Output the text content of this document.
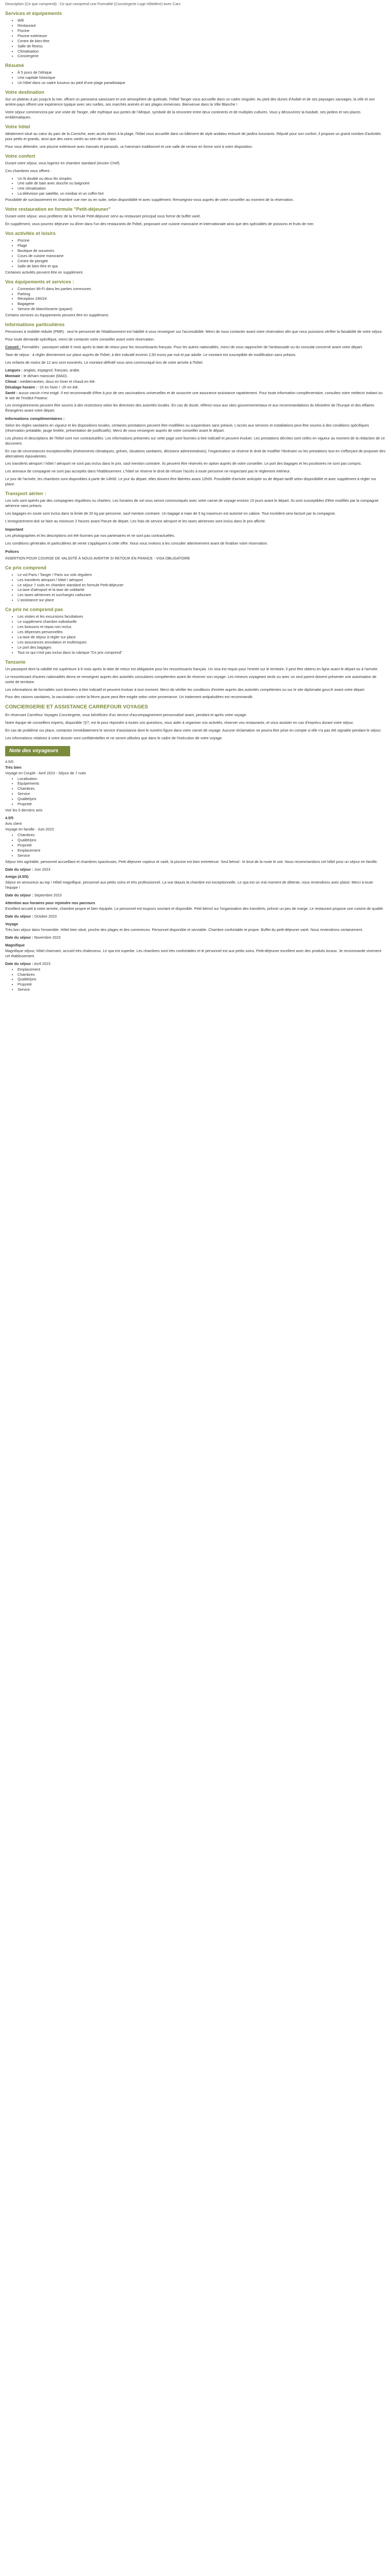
Description (Ce que comprend) : Ce que comprend une Formalité (Conciergerie Loge Hôtelière) Avec Cars

Services et équipements
• Wifi
• Restaurant
• Piscine
• Piscine extérieure
• Centre de bien-être
• Salle de fitness
• Climatisation
• Conciergerie
Résumé
• À 5 jours de l'Afrique
• Une capitale historique
• Un hôtel dans un cadre luxueux au pied d'une plage paradisiaque
Votre destination

Sur un plateau à pic jusqu'à la mer, offrant un panorama saisissant et une atmosphère de quiétude, l'Hôtel Tanger vous accueille dans un cadre singulier. Au pied des dunes d'Asilah et de ses paysages sauvages, la ville et son arrière-pays offrent une expérience typique avec ses ruelles, ses marchés animés et ses plages immenses. Bienvenue dans la Ville Blanche !

Votre séjour commencera par une visite de Tanger, ville mythique aux portes de l'Afrique, symbole de la rencontre entre deux continents et de multiples cultures. Vous y découvrirez la Kasbah, ses jardins et ses places emblématiques.

Votre hôtel

Idéalement situé au cœur du parc de la Corniche, avec accès direct à la plage, l'hôtel vous accueille dans un bâtiment de style andalou entouré de jardins luxuriants. Réputé pour son confort, il propose un grand nombre d'activités pour petits et grands, ainsi que des soins variés au sein de son spa.

Pour vous détendre, une piscine extérieure avec transats et parasols, un hammam traditionnel et une salle de remise en forme sont à votre disposition.

Votre confort

Durant votre séjour, vous logerez en chambre standard (Ancien Chef).

Ces chambres vous offrent :

• Un lit double ou deux lits simples
• Une salle de bain avec douche ou baignoire
• Une climatisation
• La télévision par satellite, un minibar et un coffre-fort

Possibilité de surclassement en chambre vue mer ou en suite, selon disponibilité et avec supplément. Renseignez-vous auprès de votre conseiller au moment de la réservation.

Votre restauration en formule "Petit-déjeuner"

Durant votre séjour, vous profiterez de la formule Petit-déjeuner servi au restaurant principal sous forme de buffet varié.

En supplément, vous pourrez déjeuner ou dîner dans l'un des restaurants de l'hôtel, proposant une cuisine marocaine et internationale ainsi que des spécialités de poissons et fruits de mer.

Vos activités et loisirs
• Piscine
• Plage
• Boutique de souvenirs
• Cours de cuisine marocaine
• Centre de plongée
• Salle de bien-être et spa

Certaines activités peuvent être en supplément.

Vos équipements et services :
• Connexion Wi-Fi dans les parties communes
• Parking
• Réception 24h/24
• Bagagerie
• Service de blanchisserie (payant)

Certains services ou équipements peuvent être en supplément.

Informations particulières

Personnes à mobilité réduite (PMR) : seul le personnel de l'établissement est habilité à vous renseigner sur l'accessibilité. Merci de nous contacter avant votre réservation afin que nous puissions vérifier la faisabilité de votre séjour.

Pour toute demande spécifique, merci de contacter votre conseiller avant votre réservation.

Conseil : Formalités : passeport valide 6 mois après la date de retour pour les ressortissants français. Pour les autres nationalités, merci de vous rapprocher de l'ambassade ou du consulat concerné avant votre départ.

Taxe de séjour : à régler directement sur place auprès de l'hôtel, à titre indicatif environ 2,50 euros par nuit et par adulte. Le montant est susceptible de modification sans préavis.

Les enfants de moins de 12 ans sont exonérés. Le montant définitif vous sera communiqué lors de votre arrivée à l'hôtel.

Langues : anglais, espagnol, français, arabe.
Monnaie : le dirham marocain (MAD).
Climat : méditerranéen, doux en hiver et chaud en été.
Décalage horaire : -1h en hiver / -2h en été.
Santé : aucun vaccin n'est exigé. Il est recommandé d'être à jour de ses vaccinations universelles et de souscrire une assurance assistance rapatriement. Pour toute information complémentaire, consultez votre médecin traitant ou le site de l'Institut Pasteur.

Les enregistrements peuvent être soumis à des restrictions selon les directives des autorités locales. En cas de doute, référez-vous aux sites gouvernementaux et aux recommandations du Ministère de l'Europe et des Affaires Étrangères avant votre départ.

Informations complémentaires :

Selon les règles sanitaires en vigueur et les dispositions locales, certaines prestations peuvent être modifiées ou suspendues sans préavis. L'accès aux services et installations peut être soumis à des conditions spécifiques (réservation préalable, jauge limitée, présentation de justificatifs). Merci de vous renseigner auprès de votre conseiller avant le départ.

Les photos et descriptions de l'hôtel sont non contractuelles. Les informations présentes sur cette page sont fournies à titre indicatif et peuvent évoluer. Les prestations décrites sont celles en vigueur au moment de la rédaction de ce document.

En cas de circonstances exceptionnelles (événements climatiques, grèves, situations sanitaires, décisions administratives), l'organisateur se réserve le droit de modifier l'itinéraire ou les prestations tout en s'efforçant de proposer des alternatives équivalentes.

Les transferts aéroport / hôtel / aéroport ne sont pas inclus dans le prix, sauf mention contraire. Ils peuvent être réservés en option auprès de votre conseiller. Le port des bagages et les pourboires ne sont pas compris.

Les animaux de compagnie ne sont pas acceptés dans l'établissement. L'hôtel se réserve le droit de refuser l'accès à toute personne ne respectant pas le règlement intérieur.

Le jour de l'arrivée, les chambres sont disponibles à partir de 14h00. Le jour du départ, elles doivent être libérées avant 12h00. Possibilité d'arrivée anticipée ou de départ tardif selon disponibilité et avec supplément à régler sur place.

Transport aérien :

Les vols sont opérés par des compagnies régulières ou charters. Les horaires de vol vous seront communiqués avec votre carnet de voyage environ 10 jours avant le départ. Ils sont susceptibles d'être modifiés par la compagnie aérienne sans préavis.

Les bagages en soute sont inclus dans la limite de 20 kg par personne, sauf mention contraire. Un bagage à main de 5 kg maximum est autorisé en cabine. Tout excédent sera facturé par la compagnie.

L'enregistrement doit se faire au minimum 2 heures avant l'heure de départ. Les frais de service aéroport et les taxes aériennes sont inclus dans le prix affiché.

Important

Les photographies et les descriptions ont été fournies par nos partenaires et ne sont pas contractuelles.

Les conditions générales et particulières de vente s'appliquent à cette offre. Nous vous invitons à les consulter attentivement avant de finaliser votre réservation.

Polices

INSERTION POUR COURSE DE VALIDITÉ À NOUS AVERTIR SI RETOUR EN FRANCE - VISA OBLIGATOIRE

Ce prix comprend
• Le vol Paris / Tanger / Paris sur vols réguliers
• Les transferts aéroport / hôtel / aéroport
• Le séjour 7 nuits en chambre standard en formule Petit-déjeuner
• La taxe d'aéroport et la taxe de solidarité
• Les taxes aériennes et surcharges carburant
• L'assistance sur place
Ce prix ne comprend pas
• Les visites et les excursions facultatives
• Le supplément chambre individuelle
• Les boissons et repas non inclus
• Les dépenses personnelles
• La taxe de séjour à régler sur place
• Les assurances annulation et multirisques
• Le port des bagages
• Tout ce qui n'est pas inclus dans la rubrique "Ce prix comprend"
Tanzanie

Un passeport dont la validité est supérieure à 6 mois après la date de retour est obligatoire pour les ressortissants français. Un visa est requis pour l'entrée sur le territoire, il peut être obtenu en ligne avant le départ ou à l'arrivée.

Le ressortissant d'autres nationalités devra se renseigner auprès des autorités consulaires compétentes avant de réserver son voyage. Les mineurs voyageant seuls ou avec un seul parent doivent présenter une autorisation de sortie de territoire.

Les informations de formalités sont données à titre indicatif et peuvent évoluer à tout moment. Merci de vérifier les conditions d'entrée auprès des autorités compétentes ou sur le site diplomatie.gouv.fr avant votre départ.

Pour des raisons sanitaires, la vaccination contre la fièvre jaune peut être exigée selon votre provenance. Un traitement antipaludéen est recommandé.

CONCIERGERIE ET ASSISTANCE CARREFOUR VOYAGES

En réservant Carrefour Voyages Conciergerie, vous bénéficiez d'un service d'accompagnement personnalisé avant, pendant et après votre voyage.

Notre équipe de conseillers experts, disponible 7j/7, est là pour répondre à toutes vos questions, vous aider à organiser vos activités, réserver vos restaurants, et vous assister en cas d'imprévu durant votre séjour.

En cas de problème sur place, contactez immédiatement le service d'assistance dont le numéro figure dans votre carnet de voyage. Aucune réclamation ne pourra être prise en compte si elle n'a pas été signalée pendant le séjour.

Les informations relatives à votre dossier sont confidentielles et ne seront utilisées que dans le cadre de l'exécution de votre voyage.

Note des voyageurs
4.5/5
Très bien
Voyage en Couple - Avril 2023 - Séjour de 7 nuits
• Localisation
• Équipements
• Chambres
• Service
• Qualité/prix
• Propreté

Voir les 5 derniers avis

4.5/5
Avis client
Voyage en famille - Juin 2023
• Chambres
• Qualité/prix
• Propreté
• Emplacement
• Service

Séjour très agréable, personnel accueillant et chambres spacieuses. Petit déjeuner copieux et varié, la piscine est bien entretenue. Seul bémol : le bruit de la route le soir. Nous recommandons cet hôtel pour un séjour en famille.

Date du séjour : Juin 2023
Amigo (4.5/5)

Séjour en amoureux au top ! Hôtel magnifique, personnel aux petits soins et très professionnel. La vue depuis la chambre est exceptionnelle. Le spa est un vrai moment de détente, nous reviendrons avec plaisir. Merci à toute l'équipe !

Date du séjour : Septembre 2023
Attention aux horaires pour rejoindre nos parcours

Excellent accueil à notre arrivée, chambre propre et bien équipée. Le personnel est toujours souriant et disponible. Petit bémol sur l'organisation des transferts, prévoir un peu de marge. Le restaurant propose une cuisine de qualité.

Date du séjour : Octobre 2023
Voyage

Très bon séjour dans l'ensemble. Hôtel bien situé, proche des plages et des commerces. Personnel disponible et serviable. Chambre confortable et propre. Buffet du petit-déjeuner varié. Nous reviendrons certainement.

Date du séjour : Novembre 2023
Magnifique

Magnifique séjour, hôtel charmant, accueil très chaleureux. Le spa est superbe. Les chambres sont très confortables et le personnel est aux petits soins. Petit-déjeuner excellent avec des produits locaux. Je recommande vivement cet établissement.

Date du séjour : Avril 2023
• Emplacement
• Chambres
• Qualité/prix
• Propreté
• Service
